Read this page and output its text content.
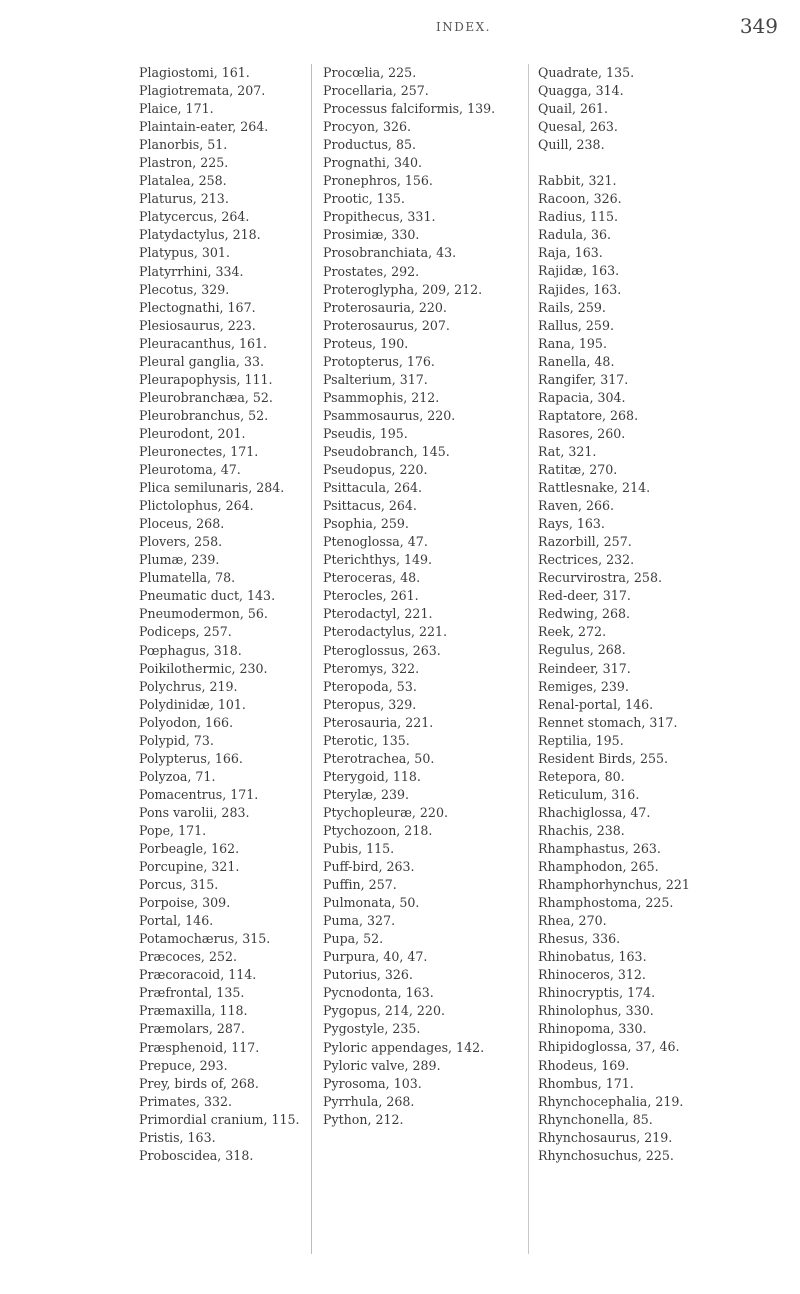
INDEX.	349
Plagiostomi, 161.
Plagiotremata, 207.
Plaice, 171.
Plaintain-eater, 264.
Planorbis, 51.
Plastron, 225.
Platalea, 258.
Platurus, 213.
Platycercus, 264.
Platydactylus, 218.
Platypus, 301.
Platyrrhini, 334.
Plecotus, 329.
Plectognathi, 167.
Plesiosaurus, 223.
Pleuracanthus, 161.
Pleural ganglia, 33.
Pleurapophysis, 111.
Pleurobranchæa, 52.
Pleurobranchus, 52.
Pleurodont, 201.
Pleuronectes, 171.
Pleurotoma, 47.
Plica semilunaris, 284.
Plictolophus, 264.
Ploceus, 268.
Plovers, 258.
Plumæ, 239.
Plumatella, 78.
Pneumatic duct, 143.
Pneumodermon, 56.
Podiceps, 257.
Pœphagus, 318.
Poikilothermic, 230.
Polychrus, 219.
Polydinidæ, 101.
Polyodon, 166.
Polypid, 73.
Polypterus, 166.
Polyzoa, 71.
Pomacentrus, 171.
Pons varolii, 283.
Pope, 171.
Porbeagle, 162.
Porcupine, 321.
Porcus, 315.
Porpoise, 309.
Portal, 146.
Potamochærus, 315.
Præcoces, 252.
Præcoracoid, 114.
Præfrontal, 135.
Præmaxilla, 118.
Præmolars, 287.
Præsphenoid, 117.
Prepuce, 293.
Prey, birds of, 268.
Primates, 332.
Primordial cranium, 115.
Pristis, 163.
Proboscidea, 318.
Procœlia, 225.
Procellaria, 257.
Processus falciformis, 139.
Procyon, 326.
Productus, 85.
Prognathi, 340.
Pronephros, 156.
Prootic, 135.
Propithecus, 331.
Prosimiæ, 330.
Prosobranchiata, 43.
Prostates, 292.
Proteroglypha, 209, 212.
Proterosauria, 220.
Proterosaurus, 207.
Proteus, 190.
Protopterus, 176.
Psalterium, 317.
Psammophis, 212.
Psammosaurus, 220.
Pseudis, 195.
Pseudobranch, 145.
Pseudopus, 220.
Psittacula, 264.
Psittacus, 264.
Psophia, 259.
Ptenoglossa, 47.
Pterichthys, 149.
Pteroceras, 48.
Pterocles, 261.
Pterodactyl, 221.
Pterodactylus, 221.
Pteroglossus, 263.
Pteromys, 322.
Pteropoda, 53.
Pteropus, 329.
Pterosauria, 221.
Pterotic, 135.
Pterotrachea, 50.
Pterygoid, 118.
Pterylæ, 239.
Ptychopleuræ, 220.
Ptychozoon, 218.
Pubis, 115.
Puff-bird, 263.
Puffin, 257.
Pulmonata, 50.
Puma, 327.
Pupa, 52.
Purpura, 40, 47.
Putorius, 326.
Pycnodonta, 163.
Pygopus, 214, 220.
Pygostyle, 235.
Pyloric appendages, 142.
Pyloric valve, 289.
Pyrosoma, 103.
Pyrrhula, 268.
Python, 212.
Quadrate, 135.
Quagga, 314.
Quail, 261.
Quesal, 263.
Quill, 238.
Rabbit, 321.
Racoon, 326.
Radius, 115.
Radula, 36.
Raja, 163.
Rajidæ, 163.
Rajides, 163.
Rails, 259.
Rallus, 259.
Rana, 195.
Ranella, 48.
Rangifer, 317.
Rapacia, 304.
Raptatore, 268.
Rasores, 260.
Rat, 321.
Ratitæ, 270.
Rattlesnake, 214.
Raven, 266.
Rays, 163.
Razorbill, 257.
Rectrices, 232.
Recurvirostra, 258.
Red-deer, 317.
Redwing, 268.
Reek, 272.
Regulus, 268.
Reindeer, 317.
Remiges, 239.
Renal-portal, 146.
Rennet stomach, 317.
Reptilia, 195.
Resident Birds, 255.
Retepora, 80.
Reticulum, 316.
Rhachiglossa, 47.
Rhachis, 238.
Rhamphastus, 263.
Rhamphodon, 265.
Rhamphorhynchus, 221
Rhamphostoma, 225.
Rhea, 270.
Rhesus, 336.
Rhinobatus, 163.
Rhinoceros, 312.
Rhinocryptis, 174.
Rhinolophus, 330.
Rhinopoma, 330.
Rhipidoglossa, 37, 46.
Rhodeus, 169.
Rhombus, 171.
Rhynchocephalia, 219.
Rhynchonella, 85.
Rhynchosaurus, 219.
Rhynchosuchus, 225.
